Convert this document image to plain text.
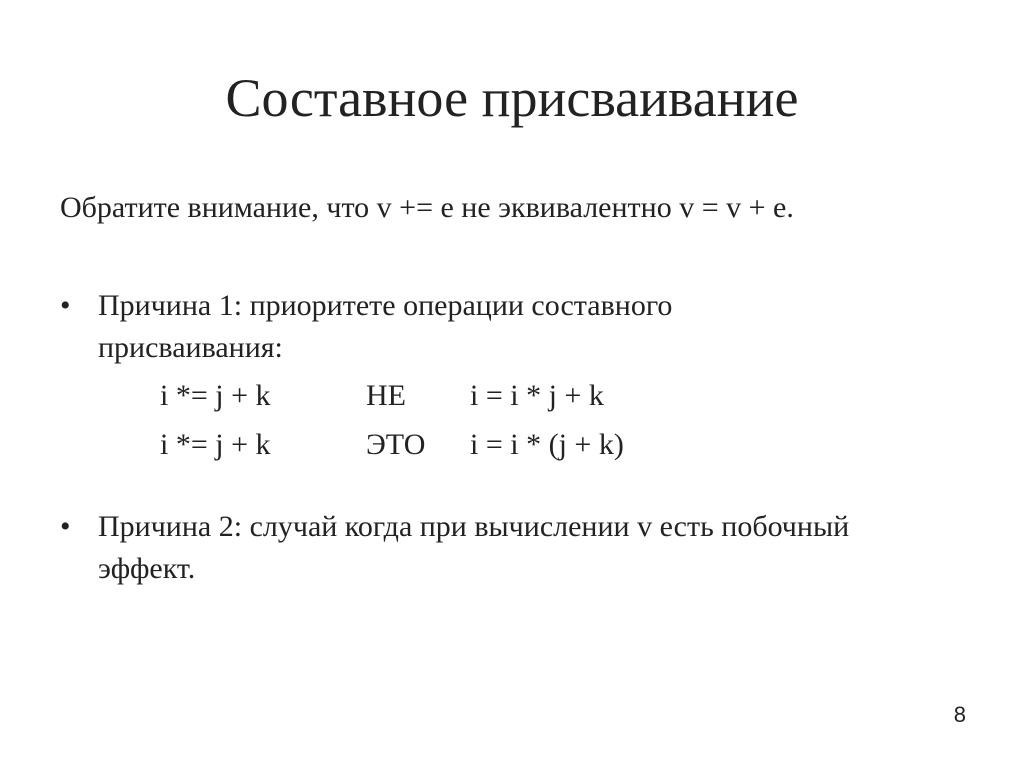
Составное присваивание
Обратите внимание, что v += e не эквивалентно v = v + e.
• Причина 1: приоритете операции составного
присваивания:
i *= j + k	НЕ i = i * j + k
i *= j + k	ЭТО i = i * (j + k)
• Причина 2: случай когда при вычислении v есть побочный
эффект.
8
